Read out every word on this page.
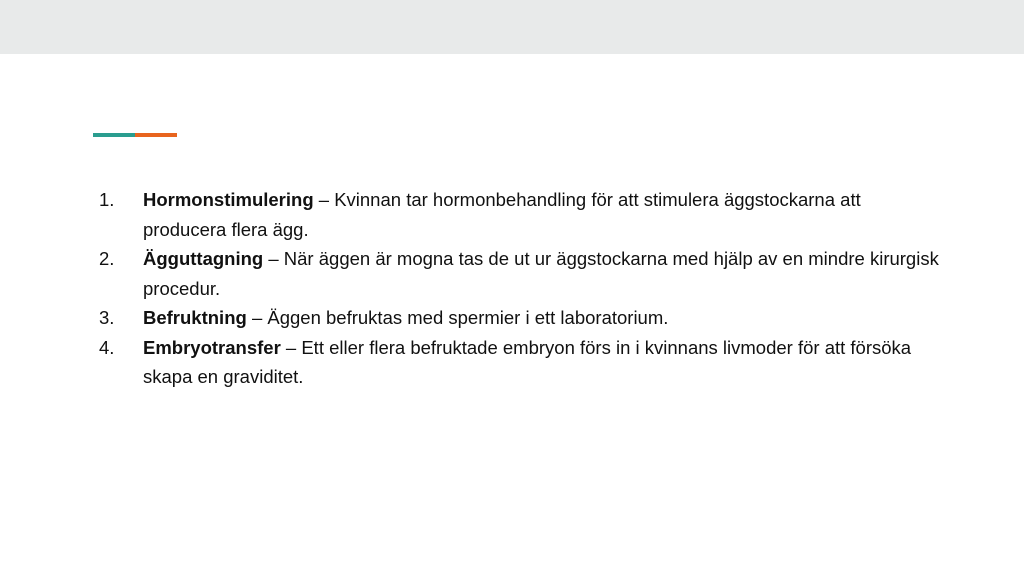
1. Hormonstimulering – Kvinnan tar hormonbehandling för att stimulera äggstockarna att producera flera ägg.
2. Ägguttagning – När äggen är mogna tas de ut ur äggstockarna med hjälp av en mindre kirurgisk procedur.
3. Befruktning – Äggen befruktas med spermier i ett laboratorium.
4. Embryotransfer – Ett eller flera befruktade embryon förs in i kvinnans livmoder för att försöka skapa en graviditet.
